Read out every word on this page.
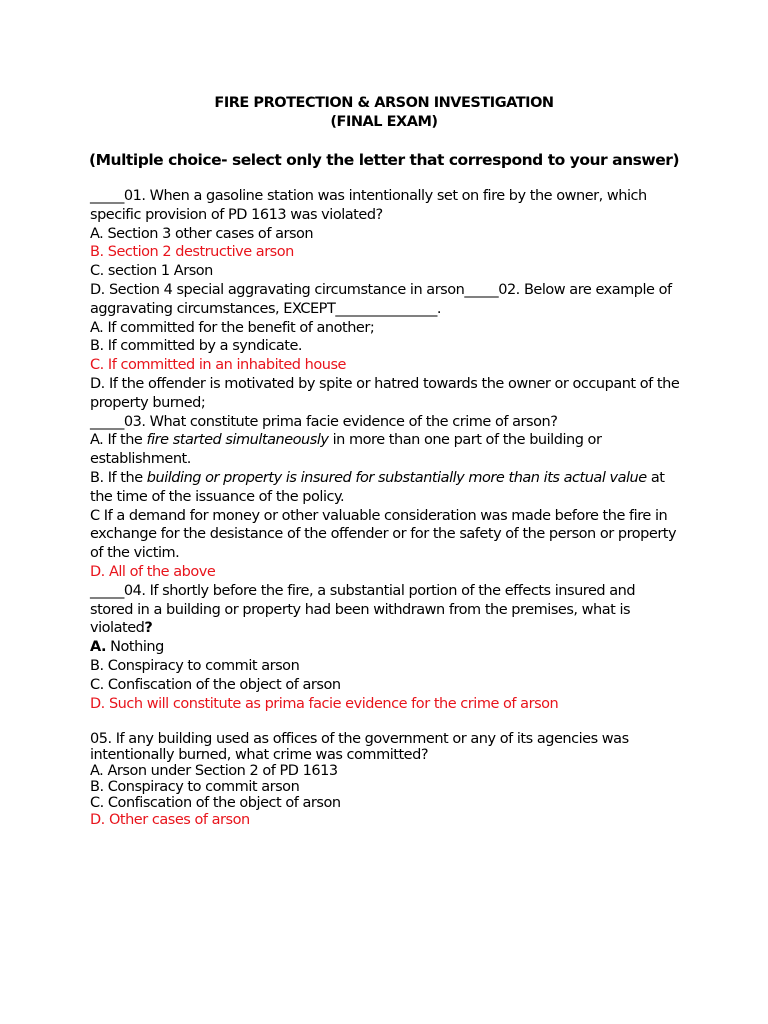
FIRE PROTECTION & ARSON INVESTIGATION
(FINAL EXAM)
(Multiple choice- select only the letter that correspond to your answer)
_____01. When a gasoline station was intentionally set on fire by the owner, which
specific provision of PD 1613 was violated?
A. Section 3 other cases of arson
B. Section 2 destructive arson
C. section 1 Arson
D. Section 4 special aggravating circumstance in arson_____02. Below are example of
aggravating circumstances, EXCEPT_______________.
A. If committed for the benefit of another;
B. If committed by a syndicate.
C. If committed in an inhabited house
D. If the offender is motivated by spite or hatred towards the owner or occupant of the
property burned;
_____03. What constitute prima facie evidence of the crime of arson?
A. If the fire started simultaneously in more than one part of the building or
establishment.
B. If the building or property is insured for substantially more than its actual value at
the time of the issuance of the policy.
C If a demand for money or other valuable consideration was made before the fire in
exchange for the desistance of the offender or for the safety of the person or property
of the victim.
D. All of the above
_____04. If shortly before the fire, a substantial portion of the effects insured and
stored in a building or property had been withdrawn from the premises, what is
violated?
A. Nothing
B. Conspiracy to commit arson
C. Confiscation of the object of arson
D. Such will constitute as prima facie evidence for the crime of arson
05. If any building used as offices of the government or any of its agencies was
intentionally burned, what crime was committed?
A. Arson under Section 2 of PD 1613
B. Conspiracy to commit arson
C. Confiscation of the object of arson
D. Other cases of arson
